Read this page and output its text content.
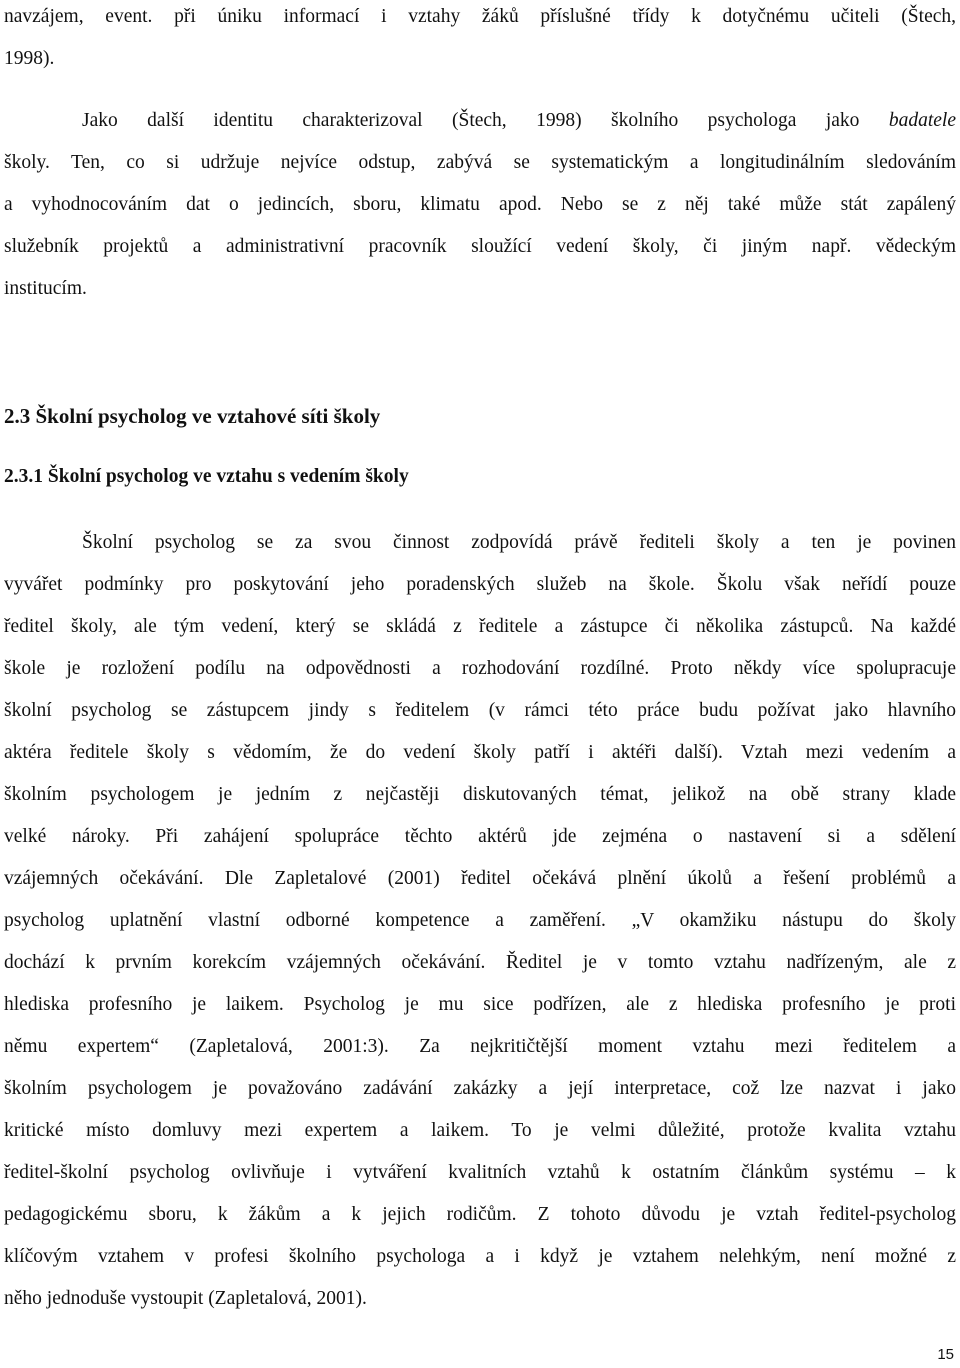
navzájem, event. při úniku informací i vztahy žáků příslušné třídy k dotyčnému učiteli (Štech,
1998).
Jako další identitu charakterizoval (Štech, 1998) školního psychologa jako badatele
školy. Ten, co si udržuje nejvíce odstup, zabývá se systematickým a longitudinálním sledováním
a vyhodnocováním dat o jedincích, sboru, klimatu apod. Nebo se z něj také může stát zapálený
služebník projektů a administrativní pracovník sloužící vedení školy, či jiným např. vědeckým
institucím.
2.3 Školní psycholog ve vztahové síti školy
2.3.1 Školní psycholog ve vztahu s vedením školy
Školní psycholog se za svou činnost zodpovídá právě řediteli školy a ten je povinen
vyvářet podmínky pro poskytování jeho poradenských služeb na škole. Školu však neřídí pouze
ředitel školy, ale tým vedení, který se skládá z ředitele a zástupce či několika zástupců. Na každé
škole je rozložení podílu na odpovědnosti a rozhodování rozdílné. Proto někdy více spolupracuje
školní psycholog se zástupcem jindy s ředitelem (v rámci této práce budu požívat jako hlavního
aktéra ředitele školy s vědomím, že do vedení školy patří i aktéři další). Vztah mezi vedením a
školním psychologem je jedním z nejčastěji diskutovaných témat, jelikož na obě strany klade
velké nároky. Při zahájení spolupráce těchto aktérů jde zejména o nastavení si a sdělení
vzájemných očekávání. Dle Zapletalové (2001) ředitel očekává plnění úkolů a řešení problémů a
psycholog uplatnění vlastní odborné kompetence a zaměření. „V okamžiku nástupu do školy
dochází k prvním korekcím vzájemných očekávání. Ředitel je v tomto vztahu nadřízeným, ale z
hlediska profesního je laikem. Psycholog je mu sice podřízen, ale z hlediska profesního je proti
němu expertem“ (Zapletalová, 2001:3). Za nejkritičtější moment vztahu mezi ředitelem a
školním psychologem je považováno zadávání zakázky a její interpretace, což lze nazvat i jako
kritické místo domluvy mezi expertem a laikem. To je velmi důležité, protože kvalita vztahu
ředitel-školní psycholog ovlivňuje i vytváření kvalitních vztahů k ostatním článkům systému – k
pedagogickému sboru, k žákům a k jejich rodičům. Z tohoto důvodu je vztah ředitel-psycholog
klíčovým vztahem v profesi školního psychologa a i když je vztahem nelehkým, není možné z
něho jednoduše vystoupit (Zapletalová, 2001).
15
